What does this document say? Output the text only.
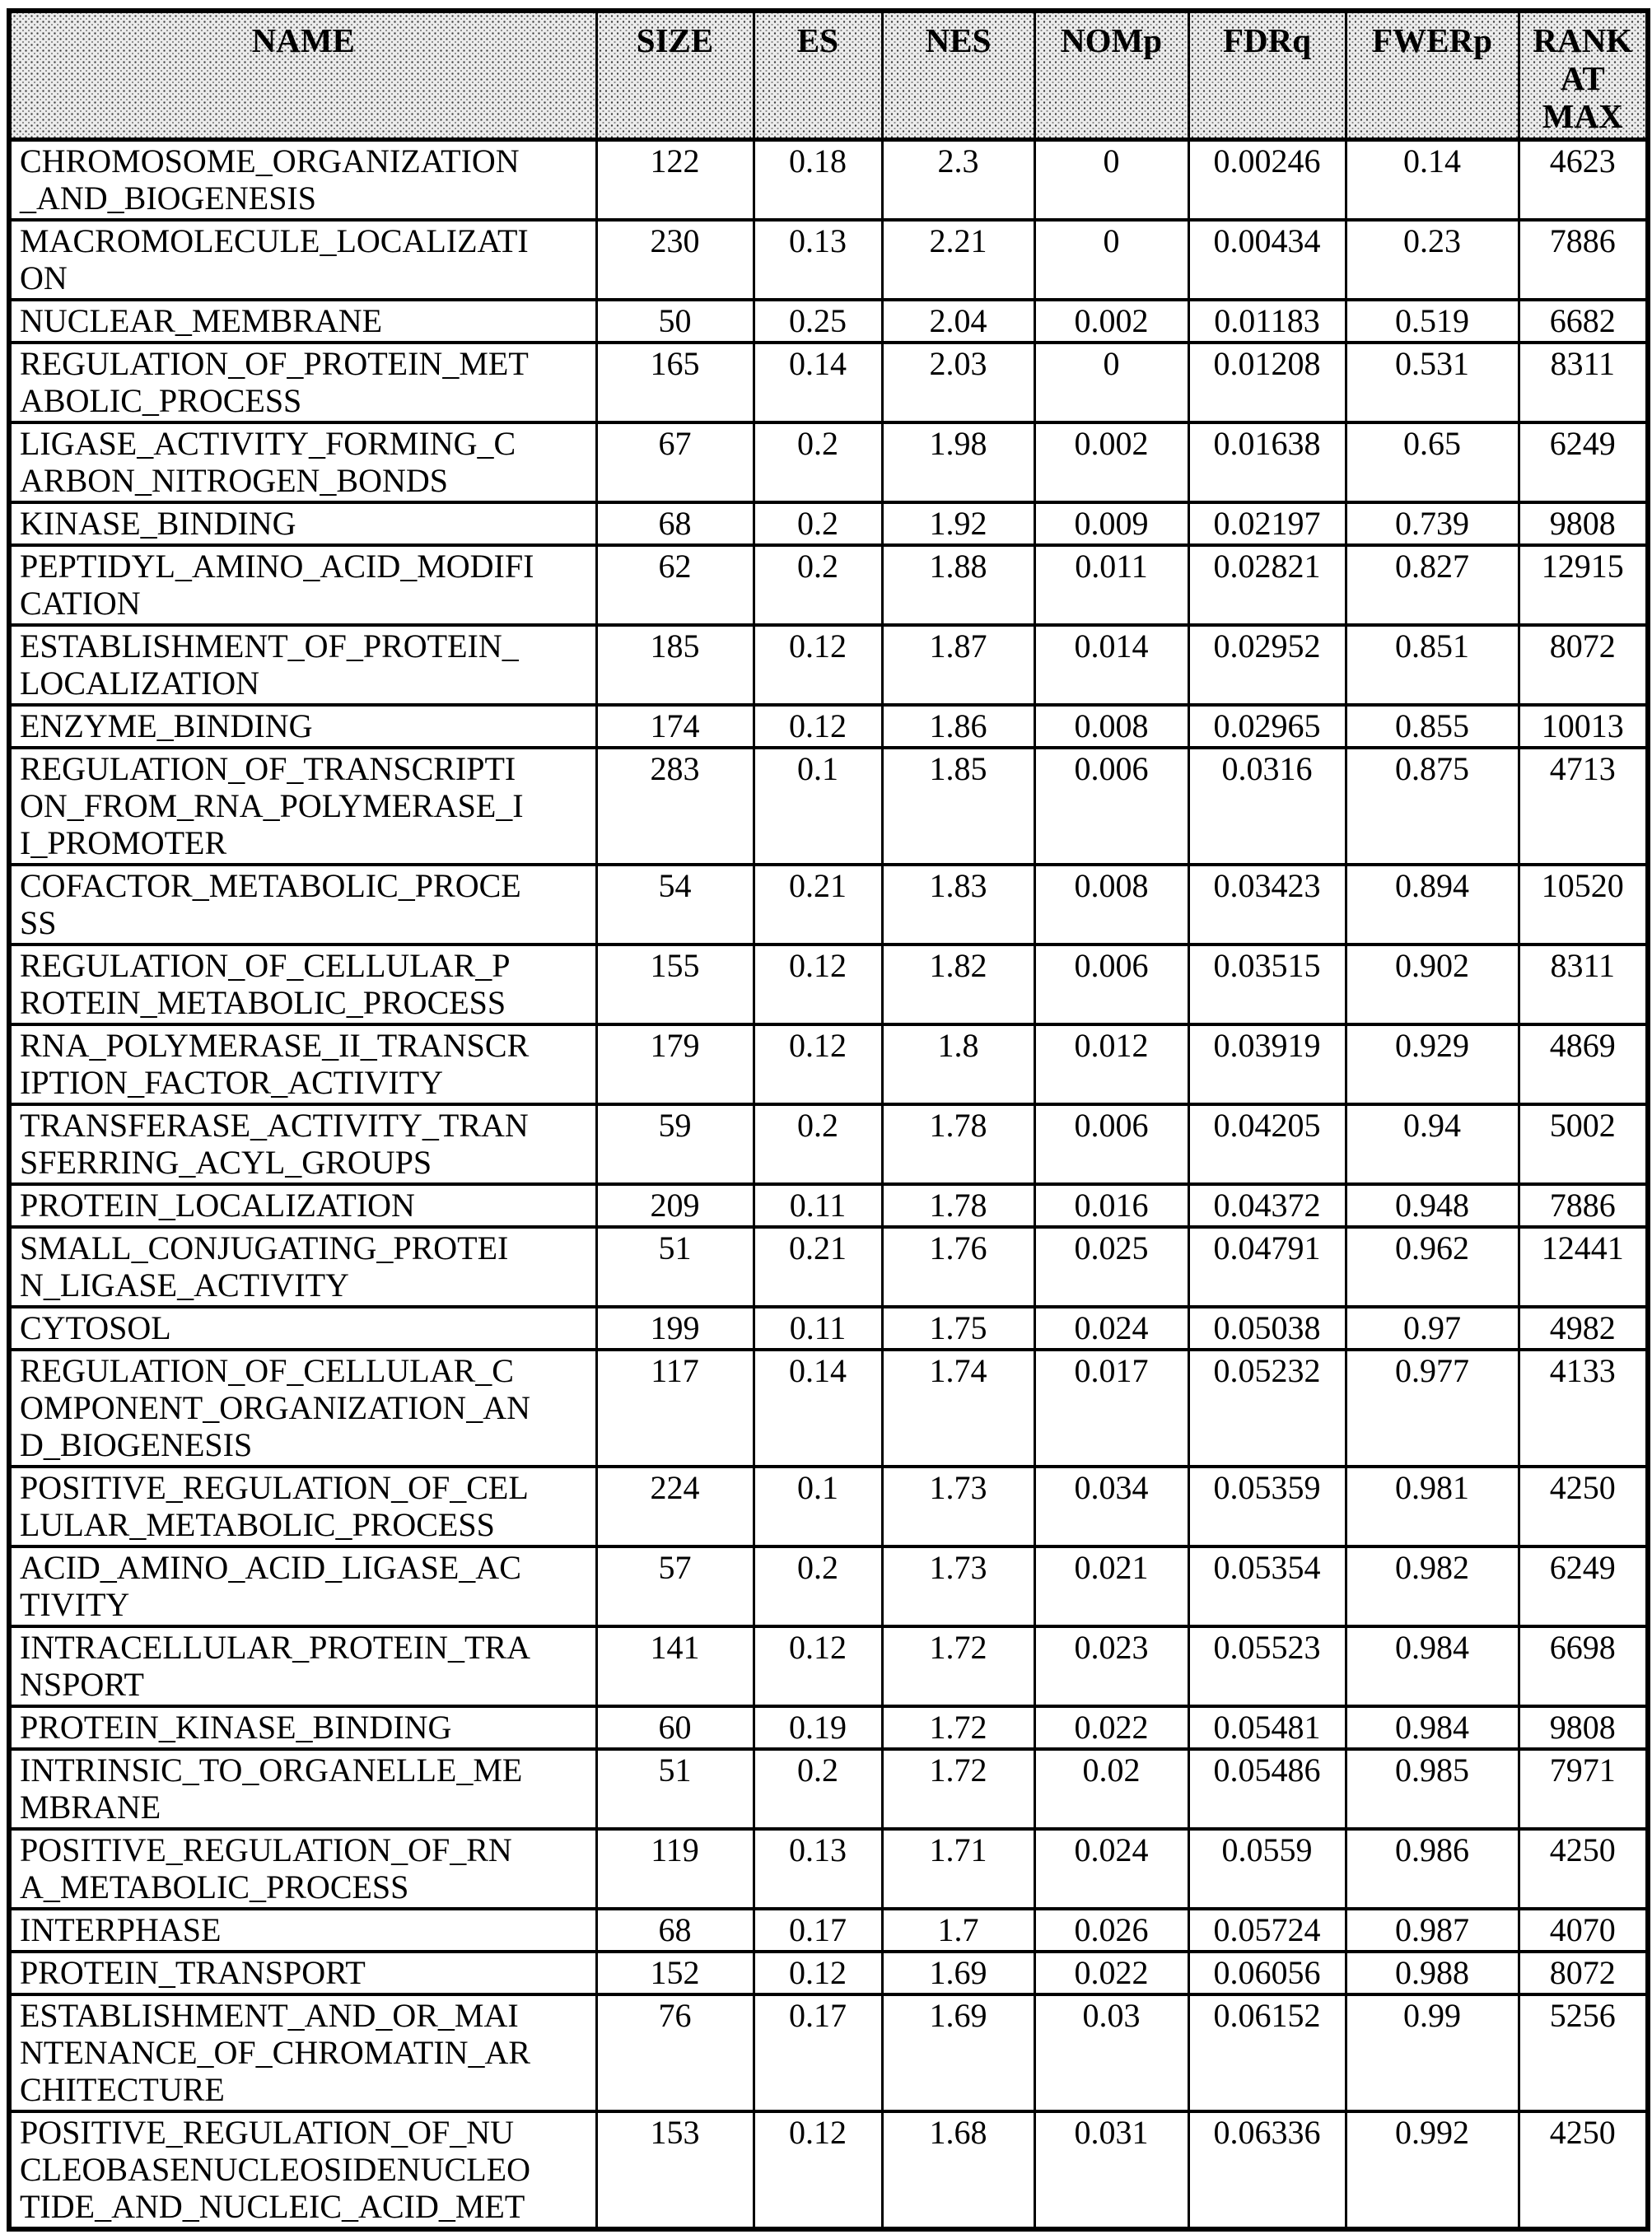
NAME	SIZE	ES	NES	NOMp	FDRq	FWERp	RANK
AT
MAX
CHROMOSOME_ORGANIZATION
_AND_BIOGENESIS	122	0.18	2.3	0	0.00246	0.14	4623
MACROMOLECULE_LOCALIZATI
ON	230	0.13	2.21	0	0.00434	0.23	7886
NUCLEAR_MEMBRANE	50	0.25	2.04	0.002	0.01183	0.519	6682
REGULATION_OF_PROTEIN_MET
ABOLIC_PROCESS	165	0.14	2.03	0	0.01208	0.531	8311
LIGASE_ACTIVITY_FORMING_C
ARBON_NITROGEN_BONDS	67	0.2	1.98	0.002	0.01638	0.65	6249
KINASE_BINDING	68	0.2	1.92	0.009	0.02197	0.739	9808
PEPTIDYL_AMINO_ACID_MODIFI
CATION	62	0.2	1.88	0.011	0.02821	0.827	12915
ESTABLISHMENT_OF_PROTEIN_
LOCALIZATION	185	0.12	1.87	0.014	0.02952	0.851	8072
ENZYME_BINDING	174	0.12	1.86	0.008	0.02965	0.855	10013
REGULATION_OF_TRANSCRIPTI
ON_FROM_RNA_POLYMERASE_I
I_PROMOTER	283	0.1	1.85	0.006	0.0316	0.875	4713
COFACTOR_METABOLIC_PROCE
SS	54	0.21	1.83	0.008	0.03423	0.894	10520
REGULATION_OF_CELLULAR_P
ROTEIN_METABOLIC_PROCESS	155	0.12	1.82	0.006	0.03515	0.902	8311
RNA_POLYMERASE_II_TRANSCR
IPTION_FACTOR_ACTIVITY	179	0.12	1.8	0.012	0.03919	0.929	4869
TRANSFERASE_ACTIVITY_TRAN
SFERRING_ACYL_GROUPS	59	0.2	1.78	0.006	0.04205	0.94	5002
PROTEIN_LOCALIZATION	209	0.11	1.78	0.016	0.04372	0.948	7886
SMALL_CONJUGATING_PROTEI
N_LIGASE_ACTIVITY	51	0.21	1.76	0.025	0.04791	0.962	12441
CYTOSOL	199	0.11	1.75	0.024	0.05038	0.97	4982
REGULATION_OF_CELLULAR_C
OMPONENT_ORGANIZATION_AN
D_BIOGENESIS	117	0.14	1.74	0.017	0.05232	0.977	4133
POSITIVE_REGULATION_OF_CEL
LULAR_METABOLIC_PROCESS	224	0.1	1.73	0.034	0.05359	0.981	4250
ACID_AMINO_ACID_LIGASE_AC
TIVITY	57	0.2	1.73	0.021	0.05354	0.982	6249
INTRACELLULAR_PROTEIN_TRA
NSPORT	141	0.12	1.72	0.023	0.05523	0.984	6698
PROTEIN_KINASE_BINDING	60	0.19	1.72	0.022	0.05481	0.984	9808
INTRINSIC_TO_ORGANELLE_ME
MBRANE	51	0.2	1.72	0.02	0.05486	0.985	7971
POSITIVE_REGULATION_OF_RN
A_METABOLIC_PROCESS	119	0.13	1.71	0.024	0.0559	0.986	4250
INTERPHASE	68	0.17	1.7	0.026	0.05724	0.987	4070
PROTEIN_TRANSPORT	152	0.12	1.69	0.022	0.06056	0.988	8072
ESTABLISHMENT_AND_OR_MAI
NTENANCE_OF_CHROMATIN_AR
CHITECTURE	76	0.17	1.69	0.03	0.06152	0.99	5256
POSITIVE_REGULATION_OF_NU
CLEOBASENUCLEOSIDENUCLEO
TIDE_AND_NUCLEIC_ACID_MET	153	0.12	1.68	0.031	0.06336	0.992	4250
